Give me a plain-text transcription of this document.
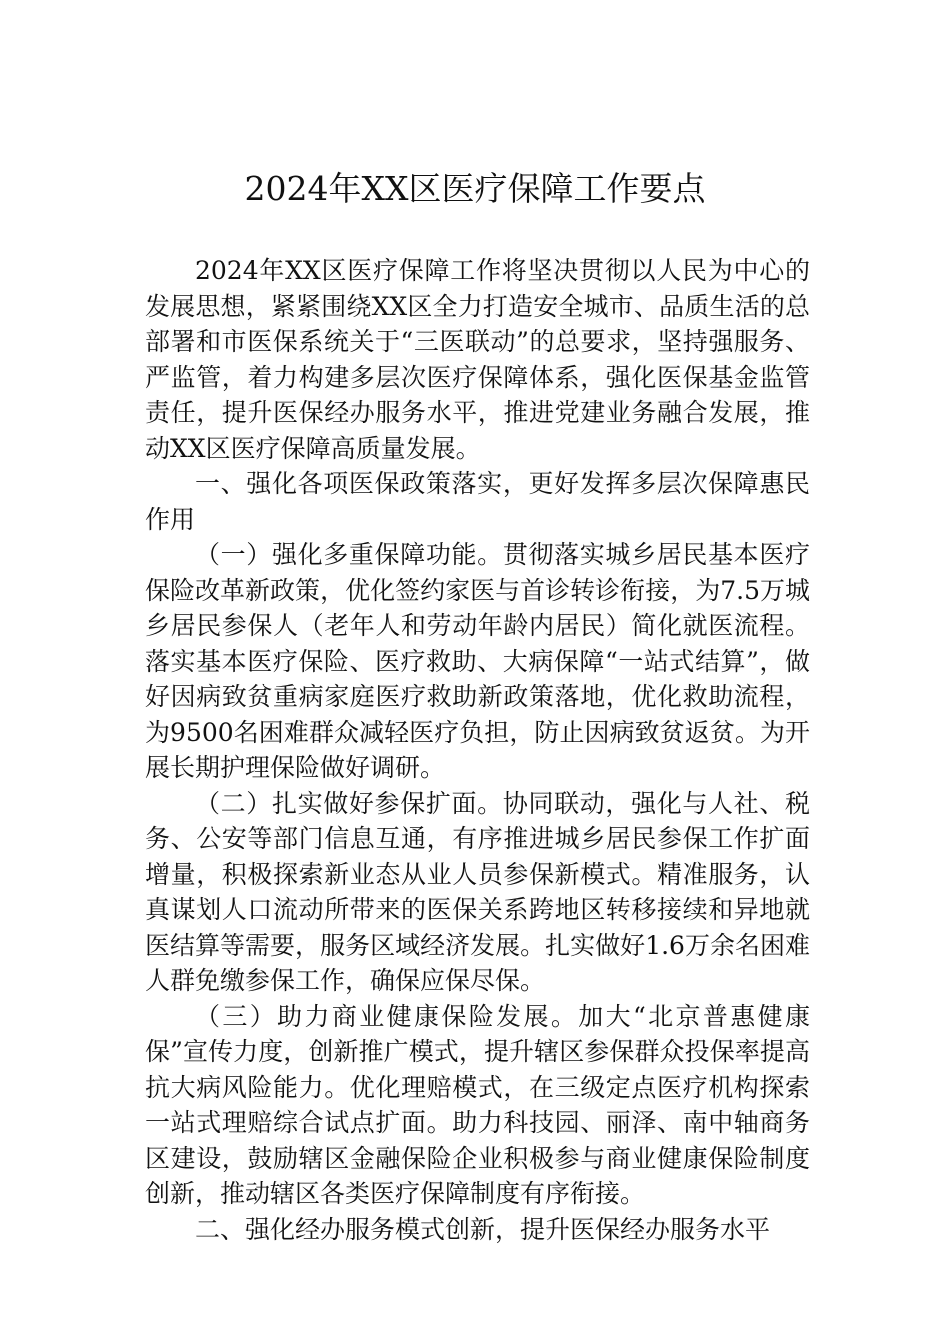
2024年XX区医疗保障工作要点

2024年XX区医疗保障工作将坚决贯彻以人民为中心的发展思想，紧紧围绕XX区全力打造安全城市、品质生活的总部署和市医保系统关于“三医联动”的总要求，坚持强服务、严监管，着力构建多层次医疗保障体系，强化医保基金监管责任，提升医保经办服务水平，推进党建业务融合发展，推动XX区医疗保障高质量发展。

一、强化各项医保政策落实，更好发挥多层次保障惠民作用

（一）强化多重保障功能。贯彻落实城乡居民基本医疗保险改革新政策，优化签约家医与首诊转诊衔接，为7.5万城乡居民参保人（老年人和劳动年龄内居民）简化就医流程。落实基本医疗保险、医疗救助、大病保障“一站式结算”，做好因病致贫重病家庭医疗救助新政策落地，优化救助流程，为9500名困难群众减轻医疗负担，防止因病致贫返贫。为开展长期护理保险做好调研。

（二）扎实做好参保扩面。协同联动，强化与人社、税务、公安等部门信息互通，有序推进城乡居民参保工作扩面增量，积极探索新业态从业人员参保新模式。精准服务，认真谋划人口流动所带来的医保关系跨地区转移接续和异地就医结算等需要，服务区域经济发展。扎实做好1.6万余名困难人群免缴参保工作，确保应保尽保。

（三）助力商业健康保险发展。加大“北京普惠健康保”宣传力度，创新推广模式，提升辖区参保群众投保率提高抗大病风险能力。优化理赔模式，在三级定点医疗机构探索一站式理赔综合试点扩面。助力科技园、丽泽、南中轴商务区建设，鼓励辖区金融保险企业积极参与商业健康保险制度创新，推动辖区各类医疗保障制度有序衔接。

二、强化经办服务模式创新，提升医保经办服务水平
